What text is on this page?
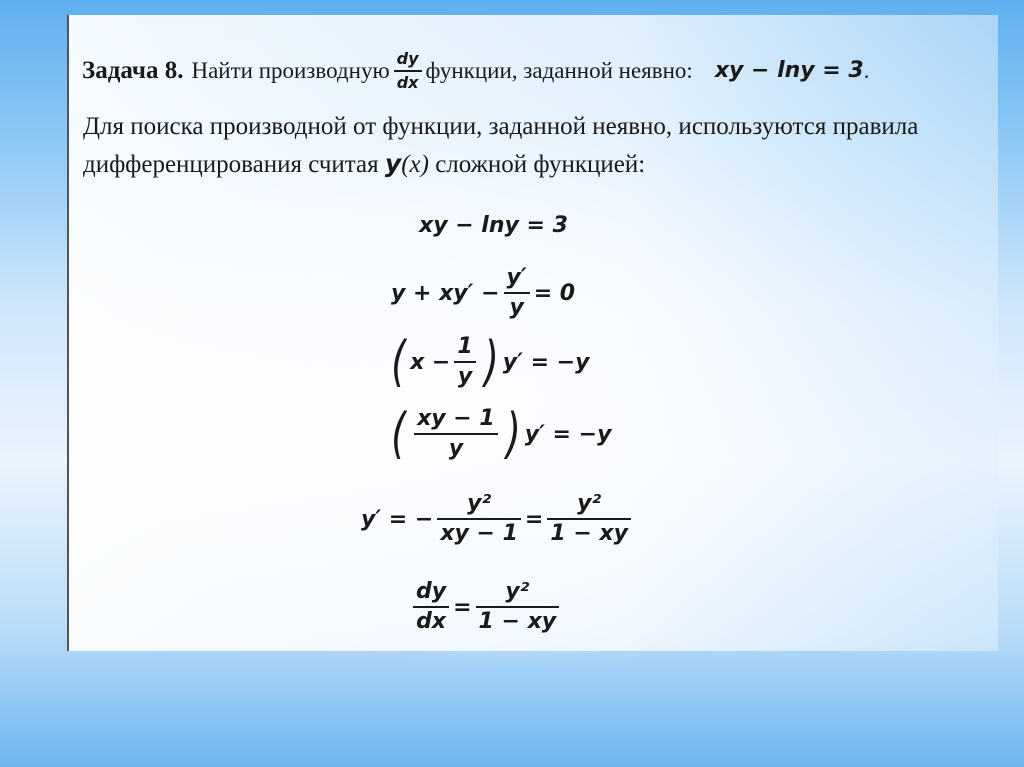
Задача 8. Найти производную $\frac{dy}{dx}$ функции, заданной неявно: xy − lny = 3 .
Для поиска производной от функции, заданной неявно, используются правила дифференцирования считая y(x) сложной функцией:
xy − lny = 3
$y + xy' - \frac{y'}{y} = 0$
( $x - \frac{1}{y}$ ) y′ = −y
( $\frac{xy - 1}{y}$ ) y′ = −y
y′ = − $\frac{\text{y²}}{xy - 1} = \frac{\text{y²}}{1 - xy}$
$\frac{dy}{dx} = \frac{\text{y²}}{1 - xy}$
